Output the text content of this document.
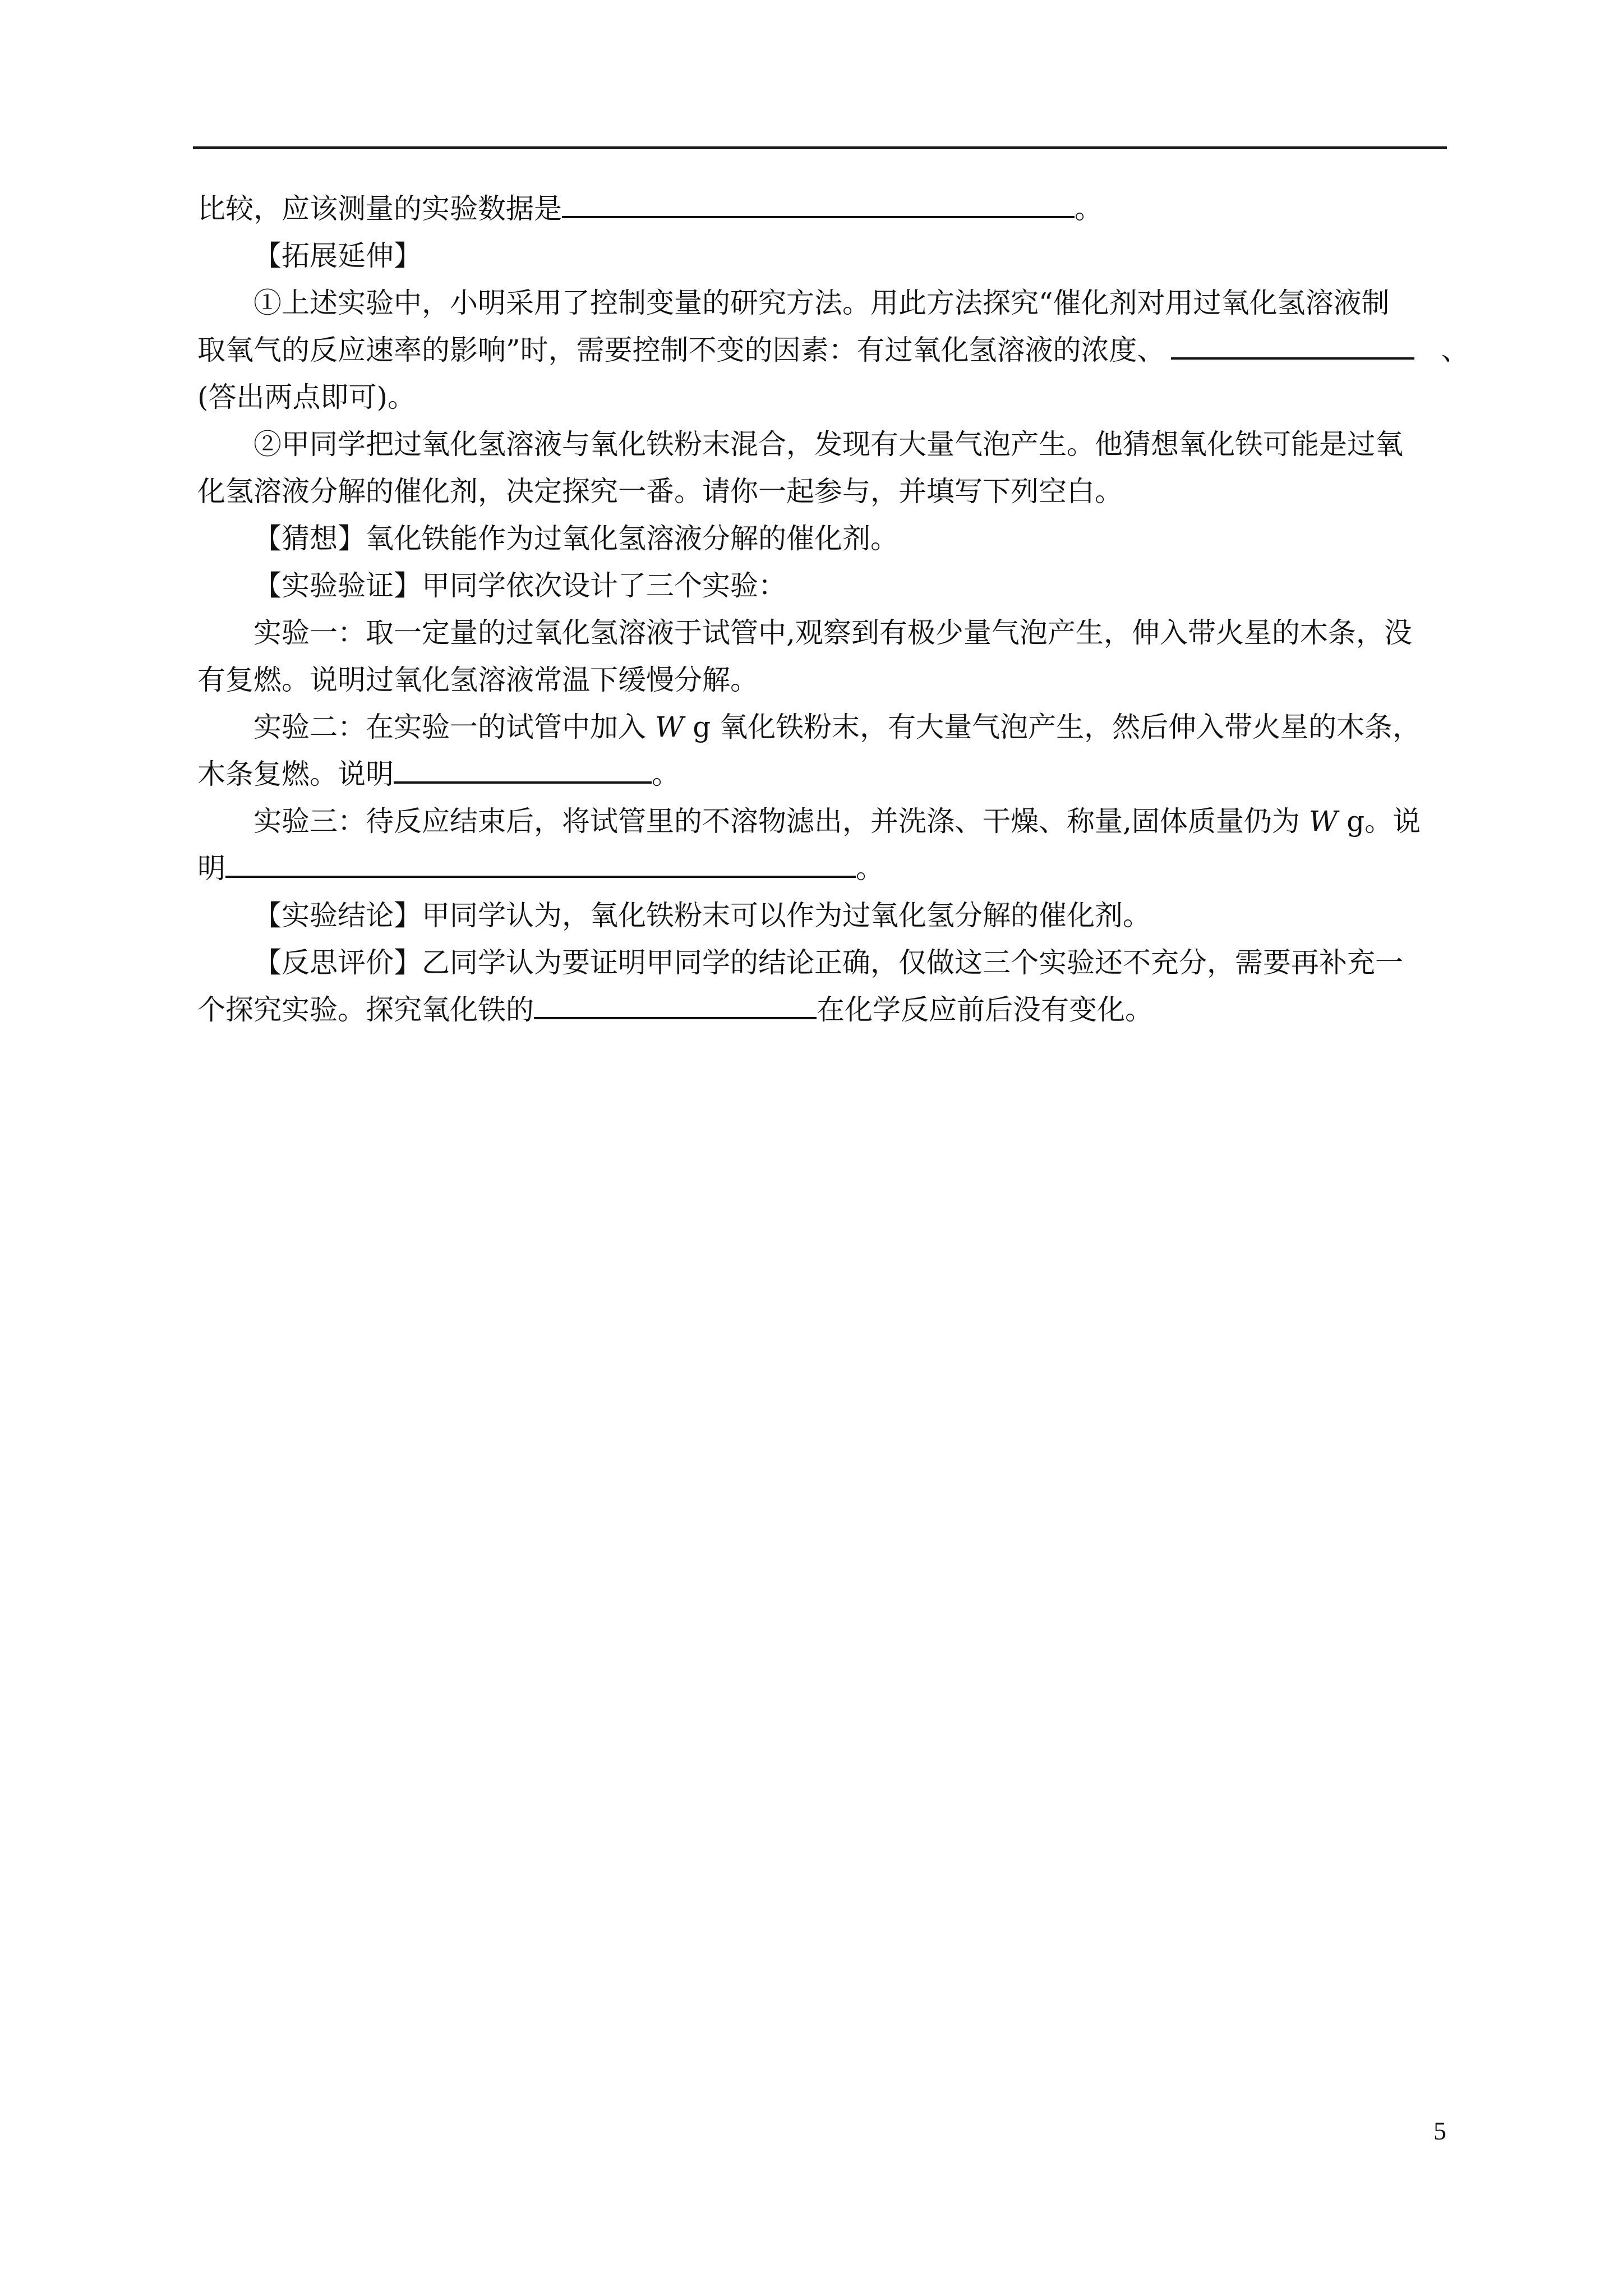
比较，应该测量的实验数据是	。
【拓展延伸】
①上述实验中，小明采用了控制变量的研究方法。用此方法探究“催化剂对用过氧化氢溶液制
取氧气的反应速率的影响”时，需要控制不变的因素：有过氧化氢溶液的浓度、	、
(答出两点即可)。
②甲同学把过氧化氢溶液与氧化铁粉末混合，发现有大量气泡产生。他猜想氧化铁可能是过氧
化氢溶液分解的催化剂，决定探究一番。请你一起参与，并填写下列空白。
【猜想】氧化铁能作为过氧化氢溶液分解的催化剂。
【实验验证】甲同学依次设计了三个实验：
实验一：取一定量的过氧化氢溶液于试管中,观察到有极少量气泡产生，伸入带火星的木条，没
有复燃。说明过氧化氢溶液常温下缓慢分解。
实验二：在实验一的试管中加入 W g 氧化铁粉末，有大量气泡产生，然后伸入带火星的木条，
木条复燃。说明	。
实验三：待反应结束后，将试管里的不溶物滤出，并洗涤、干燥、称量,固体质量仍为 W g。说
明	。
【实验结论】甲同学认为，氧化铁粉末可以作为过氧化氢分解的催化剂。
【反思评价】乙同学认为要证明甲同学的结论正确，仅做这三个实验还不充分，需要再补充一
个探究实验。探究氧化铁的	在化学反应前后没有变化。
5
